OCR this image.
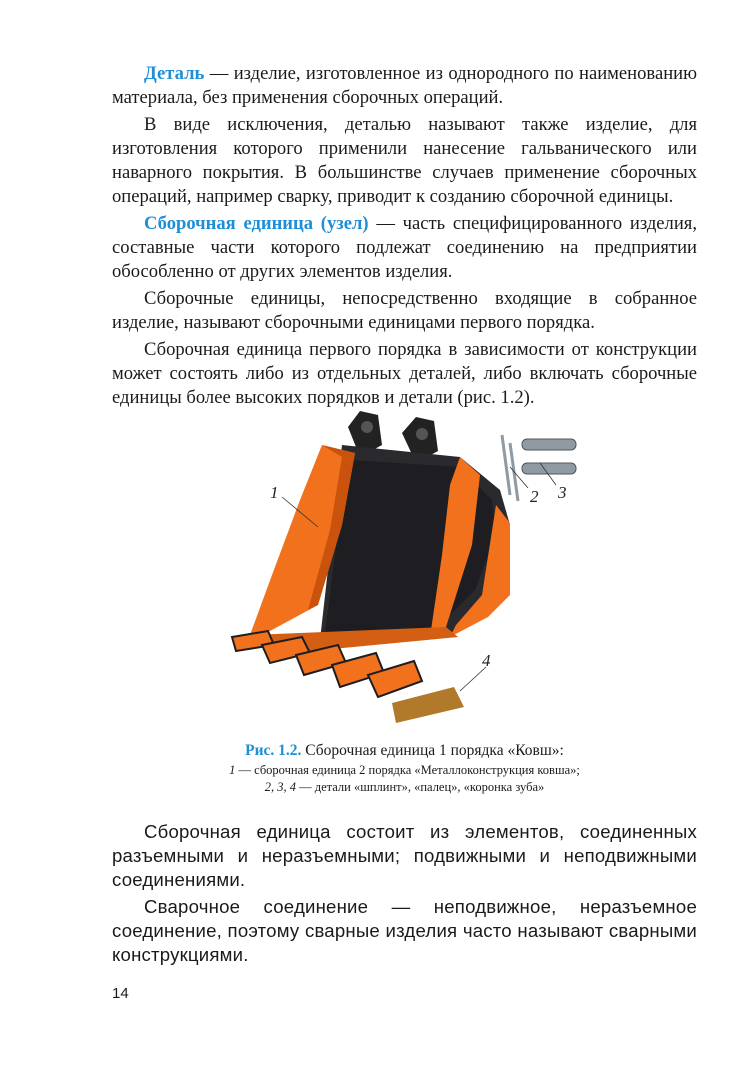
Деталь — изделие, изготовленное из однородного по наименованию материала, без применения сборочных операций.

В виде исключения, деталью называют также изделие, для изготовления которого применили нанесение гальванического или наварного покрытия. В большинстве случаев применение сборочных операций, например сварку, приводит к созданию сборочной единицы.

Сборочная единица (узел) — часть специфицированного изделия, составные части которого подлежат соединению на предприятии обособленно от других элементов изделия.

Сборочные единицы, непосредственно входящие в собранное изделие, называют сборочными единицами первого порядка.

Сборочная единица первого порядка в зависимости от конструкции может состоять либо из отдельных деталей, либо включать сборочные единицы более высоких порядков и детали (рис. 1.2).

1	2 3
4
Рис. 1.2. Сборочная единица 1 порядка «Ковш»:
1 — сборочная единица 2 порядка «Металлоконструкция ковша»;
2, 3, 4 — детали «шплинт», «палец», «коронка зуба»

Сборочная единица состоит из элементов, соединенных разъемными и неразъемными; подвижными и неподвижными соединениями.

Сварочное соединение — неподвижное, неразъемное соединение, поэтому сварные изделия часто называют сварными конструкциями.

14
